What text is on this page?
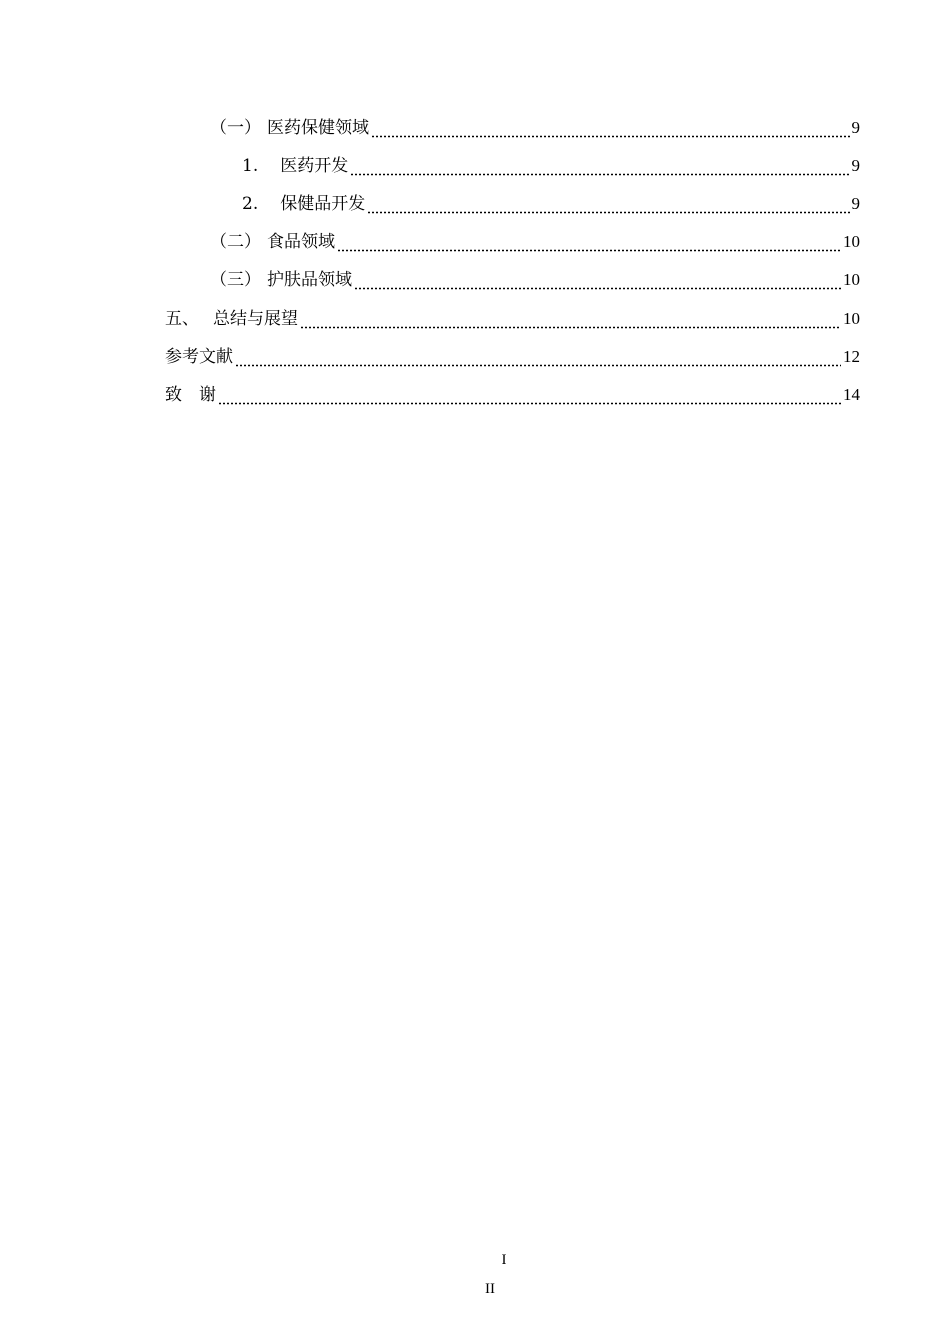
（一） 医药保健领域	9
1. 医药开发	9
2. 保健品开发	9
（二） 食品领域	10
（三） 护肤品领域	10
五、 总结与展望	10
参考文献	12
致　谢	14
I
II
